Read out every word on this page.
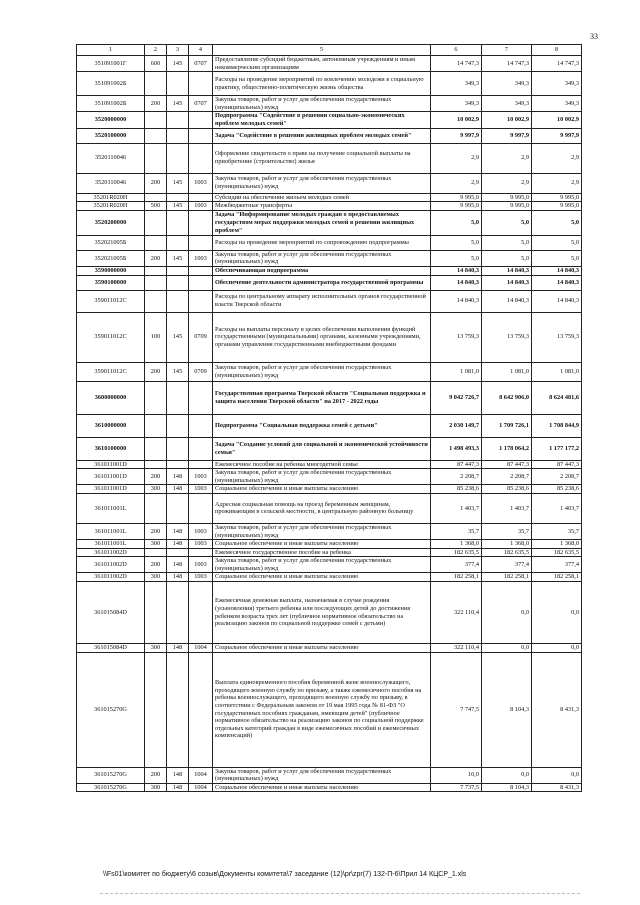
33
1	2	3	4	5	6	7	8
351091001Г	600	145	0707	Предоставление субсидий бюджетным, автономным учреждениям и иным некоммерческим организациям	14 747,3	14 747,3	14 747,3
351091002Б				Расходы на проведение мероприятий по вовлечению молодежи в социальную практику, общественно-политическую жизнь общества	349,3	349,3	349,3
351091002Б	200	145	0707	Закупка товаров, работ и услуг для обеспечения государственных (муниципальных) нужд	349,3	349,3	349,3
3520000000				Подпрограмма "Содействие в решении социально-экономических проблем молодых семей"	10 002,9	10 002,9	10 002,9
3520100000				Задача "Содействие в решении жилищных проблем молодых семей"	9 997,9	9 997,9	9 997,9
3520110046				Оформление свидетельств о праве на получение социальной выплаты на приобретение (строительство) жилья	2,9	2,9	2,9
3520110046	200	145	1003	Закупка товаров, работ и услуг для обеспечения государственных (муниципальных) нужд	2,9	2,9	2,9
35201R020H				Субсидии на обеспечение жильем молодых семей	9 995,0	9 995,0	9 995,0
35201R020H	500	145	1003	Межбюджетные трансферты	9 995,0	9 995,0	9 995,0
3520200000				Задача "Информирование молодых граждан о предоставляемых государством мерах поддержки молодых семей в решении жилищных проблем"	5,0	5,0	5,0
352021005Б				Расходы на проведение мероприятий по сопровождению подпрограммы	5,0	5,0	5,0
352021005Б	200	145	1003	Закупка товаров, работ и услуг для обеспечения государственных (муниципальных) нужд	5,0	5,0	5,0
3590000000				Обеспечивающая подпрограмма	14 840,3	14 840,3	14 840,3
3590100000				Обеспечение деятельности администратора государственной программы	14 840,3	14 840,3	14 840,3
359011012С				Расходы по центральному аппарату исполнительных органов государственной власти Тверской области	14 840,3	14 840,3	14 840,3
359011012С	100	145	0709	Расходы на выплаты персоналу в целях обеспечения выполнения функций государственными (муниципальными) органами, казенными учреждениями, органами управления государственными внебюджетными фондами	13 759,3	13 759,3	13 759,3
359011012С	200	145	0709	Закупка товаров, работ и услуг для обеспечения государственных (муниципальных) нужд	1 081,0	1 081,0	1 081,0
3600000000				Государственная программа Тверской области "Социальная поддержка и защита населения Тверской области" на 2017 - 2022 годы	9 042 726,7	8 642 906,0	8 624 481,6
3610000000				Подпрограмма "Социальная поддержка семей с детьми"	2 030 149,7	1 709 726,1	1 708 844,9
3610100000				Задача "Создание условий для социальной и экономической устойчивости семьи"	1 498 493,3	1 178 064,2	1 177 177,2
361011001D				Ежемесячное пособие на ребенка многодетной семье	87 447,3	87 447,3	87 447,3
361011001D	200	148	1003	Закупка товаров, работ и услуг для обеспечения государственных (муниципальных) нужд	2 208,7	2 208,7	2 208,7
361011001D	300	148	1003	Социальное обеспечение и иные выплаты населению	85 238,6	85 238,6	85 238,6
361011001L				Адресная социальная помощь на проезд беременным женщинам, проживающим в сельской местности, в центральную районную больницу	1 403,7	1 403,7	1 403,7
361011001L	200	148	1003	Закупка товаров, работ и услуг для обеспечения государственных (муниципальных) нужд	35,7	35,7	35,7
361011001L	300	148	1003	Социальное обеспечение и иные выплаты населению	1 368,0	1 368,0	1 368,0
361011002D				Ежемесячное государственное пособие на ребенка	182 635,5	182 635,5	182 635,5
361011002D	200	148	1003	Закупка товаров, работ и услуг для обеспечения государственных (муниципальных) нужд	377,4	377,4	377,4
361011002D	300	148	1003	Социальное обеспечение и иные выплаты населению	182 258,1	182 258,1	182 258,1
361015084D				Ежемесячная денежная выплата, назначаемая в случае рождения (усыновления) третьего ребенка или последующих детей до достижения ребенком возраста трех лет (публичное нормативное обязательство на реализацию законов по социальной поддержке семей с детьми)	322 110,4	0,0	0,0
361015084D	300	148	1004	Социальное обеспечение и иные выплаты населению	322 110,4	0,0	0,0
361015270G				Выплата единовременного пособия беременной жене военнослужащего, проходящего военную службу по призыву, а также ежемесячного пособия на ребенка военнослужащего, проходящего военную службу по призыву, в соответствии с Федеральным законом от 19 мая 1995 года № 81-ФЗ "О государственных пособиях гражданам, имеющим детей" (публичное нормативное обязательство на реализацию законов по социальной поддержке отдельных категорий граждан в виде ежемесячных пособий и ежемесячных компенсаций)	7 747,5	8 104,3	8 431,3
361015270G	200	148	1004	Закупка товаров, работ и услуг для обеспечения государственных (муниципальных) нужд	10,0	0,0	0,0
361015270G	300	148	1004	Социальное обеспечение и иные выплаты населению	7 737,5	8 104,3	8 431,3
\\Fs01\комитет по бюджету\6 созыв\Документы комитета\7 заседание (12)\pr\zpr(7) 132-П-6\Прил 14 КЦСР_1.xls
